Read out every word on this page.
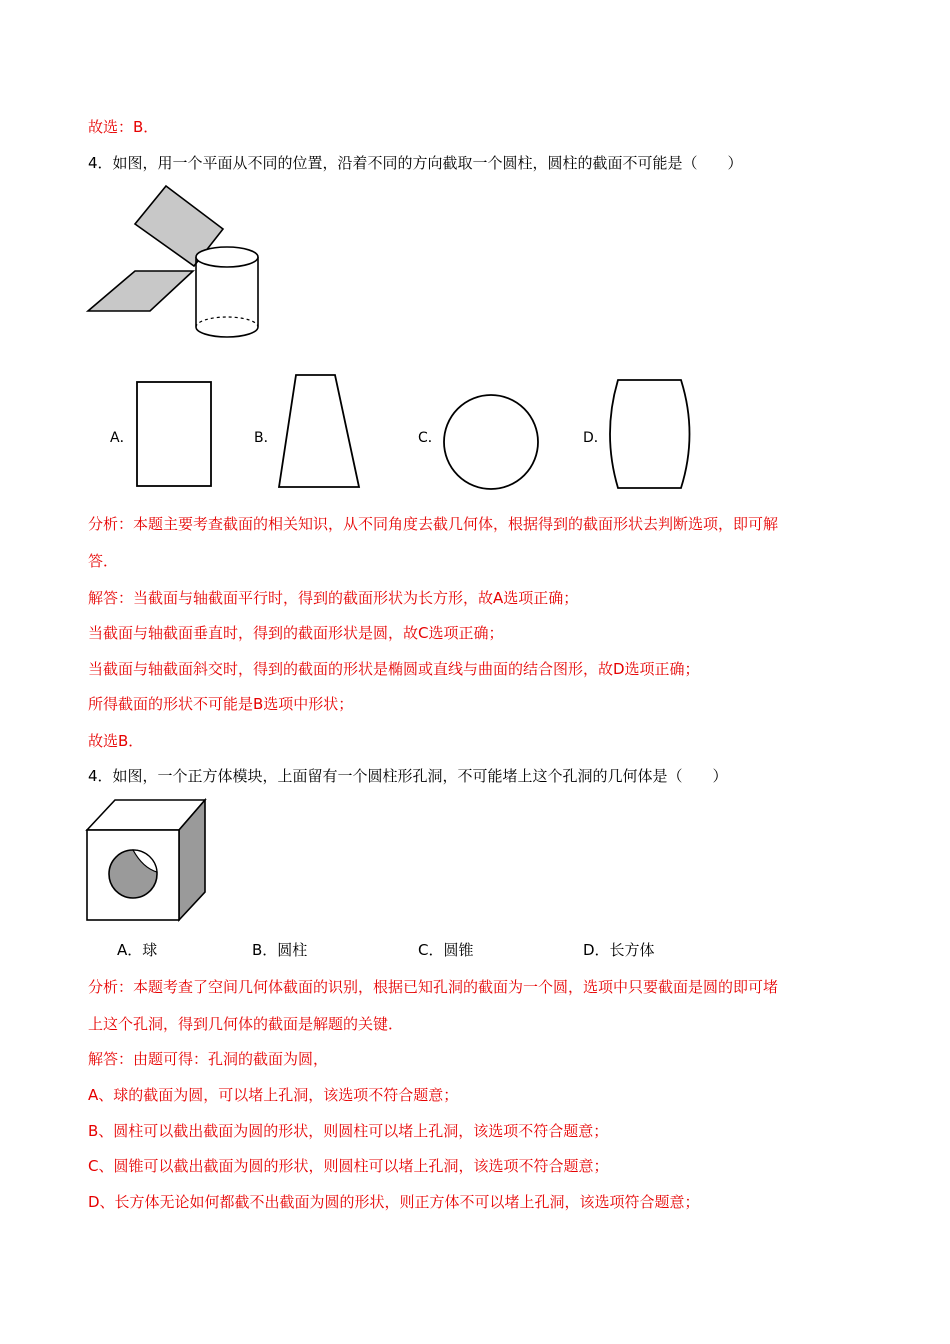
故选：B．
4．如图，用一个平面从不同的位置，沿着不同的方向截取一个圆柱，圆柱的截面不可能是（　　）
A．	B．	C．	D．
分析：本题主要考查截面的相关知识，从不同角度去截几何体，根据得到的截面形状去判断选项，即可解
答．
解答：当截面与轴截面平行时，得到的截面形状为长方形，故A选项正确；
当截面与轴截面垂直时，得到的截面形状是圆，故C选项正确；
当截面与轴截面斜交时，得到的截面的形状是椭圆或直线与曲面的结合图形，故D选项正确；
所得截面的形状不可能是B选项中形状；
故选B．
4．如图，一个正方体模块，上面留有一个圆柱形孔洞，不可能堵上这个孔洞的几何体是（　　）
A．球	B．圆柱	C．圆锥	D．长方体
分析：本题考查了空间几何体截面的识别，根据已知孔洞的截面为一个圆，选项中只要截面是圆的即可堵
上这个孔洞，得到几何体的截面是解题的关键．
解答：由题可得：孔洞的截面为圆，
A、球的截面为圆，可以堵上孔洞，该选项不符合题意；
B、圆柱可以截出截面为圆的形状，则圆柱可以堵上孔洞，该选项不符合题意；
C、圆锥可以截出截面为圆的形状，则圆柱可以堵上孔洞，该选项不符合题意；
D、长方体无论如何都截不出截面为圆的形状，则正方体不可以堵上孔洞，该选项符合题意；
